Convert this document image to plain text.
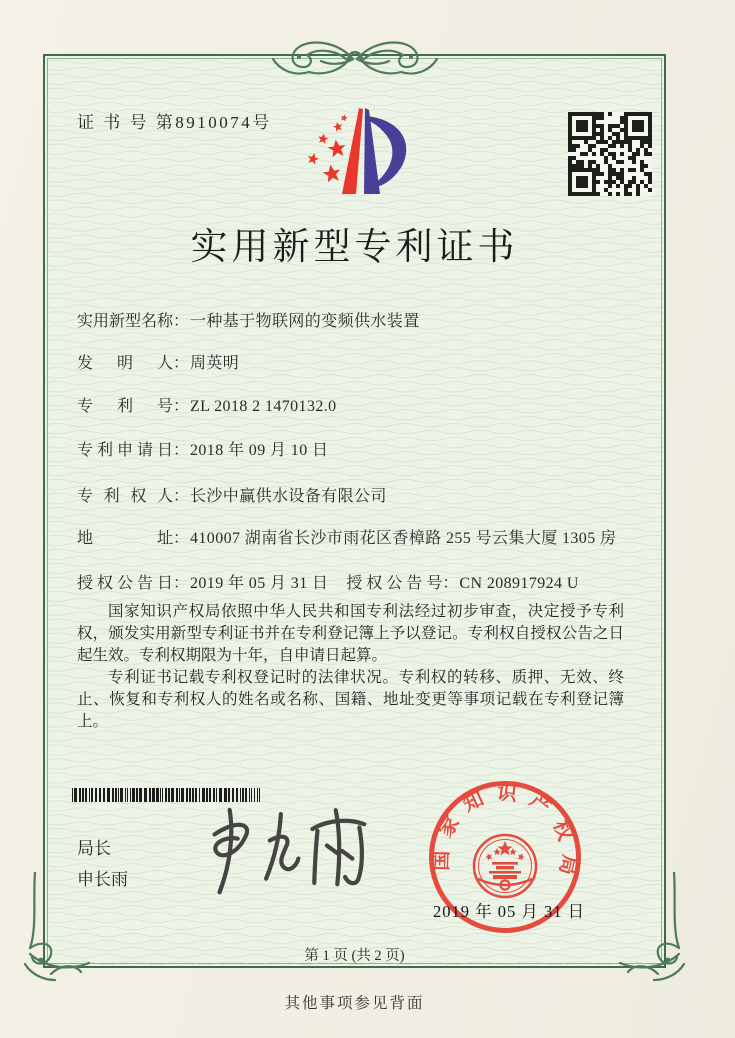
证 书 号 第8910074号
实用新型专利证书
实用新型名称：一种基于物联网的变频供水装置
发明人：周英明
专利号：ZL 2018 2 1470132.0
专利申请日：2018 年 09 月 10 日
专利权人：长沙中赢供水设备有限公司
地址：410007 湖南省长沙市雨花区香樟路 255 号云集大厦 1305 房
授权公告日：2019 年 05 月 31 日 授权公告号：CN 208917924 U

国家知识产权局依照中华人民共和国专利法经过初步审查，决定授予专利权，颁发实用新型专利证书并在专利登记簿上予以登记。专利权自授权公告之日起生效。专利权期限为十年，自申请日起算。

专利证书记载专利权登记时的法律状况。专利权的转移、质押、无效、终止、恢复和专利权人的姓名或名称、国籍、地址变更等事项记载在专利登记簿上。

局长
申长雨
国家知识产权局
2019 年 05 月 31 日
第 1 页 (共 2 页)
其他事项参见背面
